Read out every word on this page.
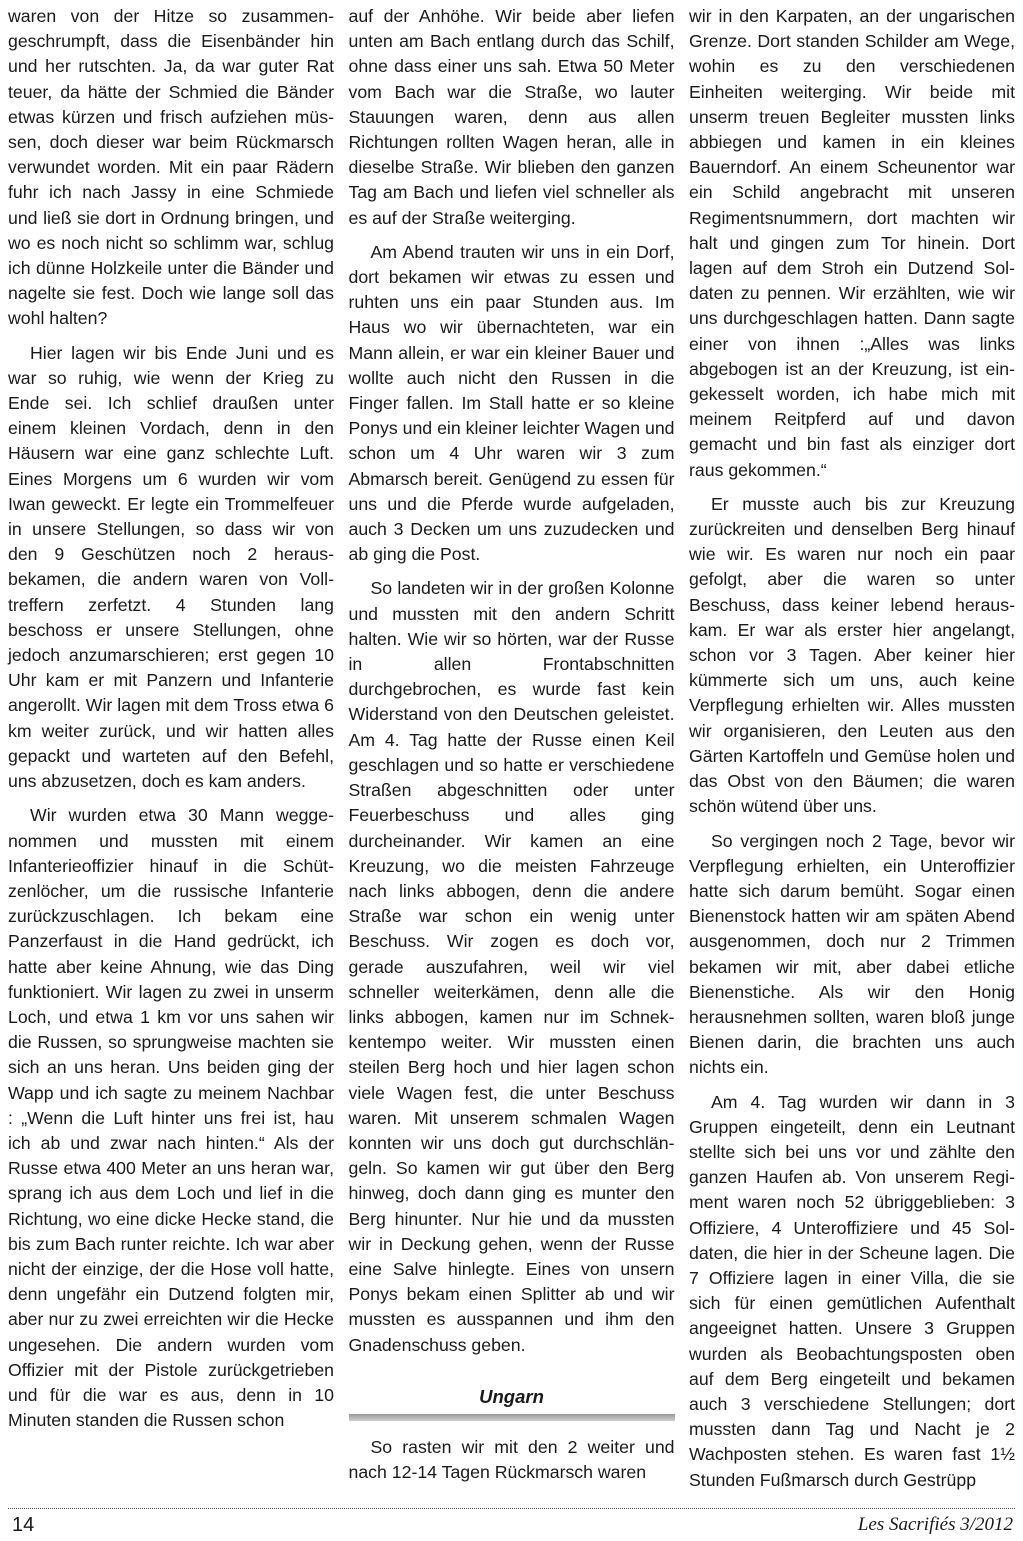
waren von der Hitze so zusammengeschrumpft, dass die Eisenbänder hin und her rutschten. Ja, da war guter Rat teuer, da hätte der Schmied die Bänder etwas kürzen und frisch aufziehen müssen, doch dieser war beim Rückmarsch verwundet worden. Mit ein paar Rädern fuhr ich nach Jassy in eine Schmiede und ließ sie dort in Ordnung bringen, und wo es noch nicht so schlimm war, schlug ich dünne Holzkeile unter die Bänder und nagelte sie fest. Doch wie lange soll das wohl halten?

Hier lagen wir bis Ende Juni und es war so ruhig, wie wenn der Krieg zu Ende sei. Ich schlief draußen unter einem kleinen Vordach, denn in den Häusern war eine ganz schlechte Luft. Eines Morgens um 6 wurden wir vom Iwan geweckt. Er legte ein Trommelfeuer in unsere Stellungen, so dass wir von den 9 Geschützen noch 2 herausbekamen, die andern waren von Volltreffern zerfetzt. 4 Stunden lang beschoss er unsere Stellungen, ohne jedoch anzumarschieren; erst gegen 10 Uhr kam er mit Panzern und Infanterie angerollt. Wir lagen mit dem Tross etwa 6 km weiter zurück, und wir hatten alles gepackt und warteten auf den Befehl, uns abzusetzen, doch es kam anders.

Wir wurden etwa 30 Mann weggenommen und mussten mit einem Infanterieoffizier hinauf in die Schützenlöcher, um die russische Infanterie zurückzuschlagen. Ich bekam eine Panzerfaust in die Hand gedrückt, ich hatte aber keine Ahnung, wie das Ding funktioniert. Wir lagen zu zwei in unserm Loch, und etwa 1 km vor uns sahen wir die Russen, so sprungweise machten sie sich an uns heran. Uns beiden ging der Wapp und ich sagte zu meinem Nachbar : „Wenn die Luft hinter uns frei ist, hau ich ab und zwar nach hinten.“ Als der Russe etwa 400 Meter an uns heran war, sprang ich aus dem Loch und lief in die Richtung, wo eine dicke Hecke stand, die bis zum Bach runter reichte. Ich war aber nicht der einzige, der die Hose voll hatte, denn ungefähr ein Dutzend folgten mir, aber nur zu zwei erreichten wir die Hecke ungesehen. Die andern wurden vom Offizier mit der Pistole zurückgetrieben und für die war es aus, denn in 10 Minuten standen die Russen schon

auf der Anhöhe. Wir beide aber liefen unten am Bach entlang durch das Schilf, ohne dass einer uns sah. Etwa 50 Meter vom Bach war die Straße, wo lauter Stauungen waren, denn aus allen Richtungen rollten Wagen heran, alle in dieselbe Straße. Wir blieben den ganzen Tag am Bach und liefen viel schneller als es auf der Straße weiterging.

Am Abend trauten wir uns in ein Dorf, dort bekamen wir etwas zu essen und ruhten uns ein paar Stunden aus. Im Haus wo wir übernachteten, war ein Mann allein, er war ein kleiner Bauer und wollte auch nicht den Russen in die Finger fallen. Im Stall hatte er so kleine Ponys und ein kleiner leichter Wagen und schon um 4 Uhr waren wir 3 zum Abmarsch bereit. Genügend zu essen für uns und die Pferde wurde aufgeladen, auch 3 Decken um uns zuzudecken und ab ging die Post.

So landeten wir in der großen Kolonne und mussten mit den andern Schritt halten. Wie wir so hörten, war der Russe in allen Frontabschnitten durchgebrochen, es wurde fast kein Widerstand von den Deutschen geleistet. Am 4. Tag hatte der Russe einen Keil geschlagen und so hatte er verschiedene Straßen abgeschnitten oder unter Feuerbeschuss und alles ging durcheinander. Wir kamen an eine Kreuzung, wo die meisten Fahrzeuge nach links abbogen, denn die andere Straße war schon ein wenig unter Beschuss. Wir zogen es doch vor, gerade auszufahren, weil wir viel schneller weiterkämen, denn alle die links abbogen, kamen nur im Schnekkentempo weiter. Wir mussten einen steilen Berg hoch und hier lagen schon viele Wagen fest, die unter Beschuss waren. Mit unserem schmalen Wagen konnten wir uns doch gut durchschlängeln. So kamen wir gut über den Berg hinweg, doch dann ging es munter den Berg hinunter. Nur hie und da mussten wir in Deckung gehen, wenn der Russe eine Salve hinlegte. Eines von unsern Ponys bekam einen Splitter ab und wir mussten es ausspannen und ihm den Gnadenschuss geben.

Ungarn

So rasten wir mit den 2 weiter und nach 12-14 Tagen Rückmarsch waren

wir in den Karpaten, an der ungarischen Grenze. Dort standen Schilder am Wege, wohin es zu den verschiedenen Einheiten weiterging. Wir beide mit unserm treuen Begleiter mussten links abbiegen und kamen in ein kleines Bauerndorf. An einem Scheunentor war ein Schild angebracht mit unseren Regimentsnummern, dort machten wir halt und gingen zum Tor hinein. Dort lagen auf dem Stroh ein Dutzend Soldaten zu pennen. Wir erzählten, wie wir uns durchgeschlagen hatten. Dann sagte einer von ihnen :„Alles was links abgebogen ist an der Kreuzung, ist eingekesselt worden, ich habe mich mit meinem Reitpferd auf und davon gemacht und bin fast als einziger dort raus gekommen.“

Er musste auch bis zur Kreuzung zurückreiten und denselben Berg hinauf wie wir. Es waren nur noch ein paar gefolgt, aber die waren so unter Beschuss, dass keiner lebend herauskam. Er war als erster hier angelangt, schon vor 3 Tagen. Aber keiner hier kümmerte sich um uns, auch keine Verpflegung erhielten wir. Alles mussten wir organisieren, den Leuten aus den Gärten Kartoffeln und Gemüse holen und das Obst von den Bäumen; die waren schön wütend über uns.

So vergingen noch 2 Tage, bevor wir Verpflegung erhielten, ein Unteroffizier hatte sich darum bemüht. Sogar einen Bienenstock hatten wir am späten Abend ausgenommen, doch nur 2 Trimmen bekamen wir mit, aber dabei etliche Bienenstiche. Als wir den Honig herausnehmen sollten, waren bloß junge Bienen darin, die brachten uns auch nichts ein.

Am 4. Tag wurden wir dann in 3 Gruppen eingeteilt, denn ein Leutnant stellte sich bei uns vor und zählte den ganzen Haufen ab. Von unserem Regiment waren noch 52 übriggeblieben: 3 Offiziere, 4 Unteroffiziere und 45 Soldaten, die hier in der Scheune lagen. Die 7 Offiziere lagen in einer Villa, die sie sich für einen gemütlichen Aufenthalt angeeignet hatten. Unsere 3 Gruppen wurden als Beobachtungsposten oben auf dem Berg eingeteilt und bekamen auch 3 verschiedene Stellungen; dort mussten dann Tag und Nacht je 2 Wachposten stehen. Es waren fast 1½ Stunden Fußmarsch durch Gestrüpp

14	Les Sacrifiés 3/2012
